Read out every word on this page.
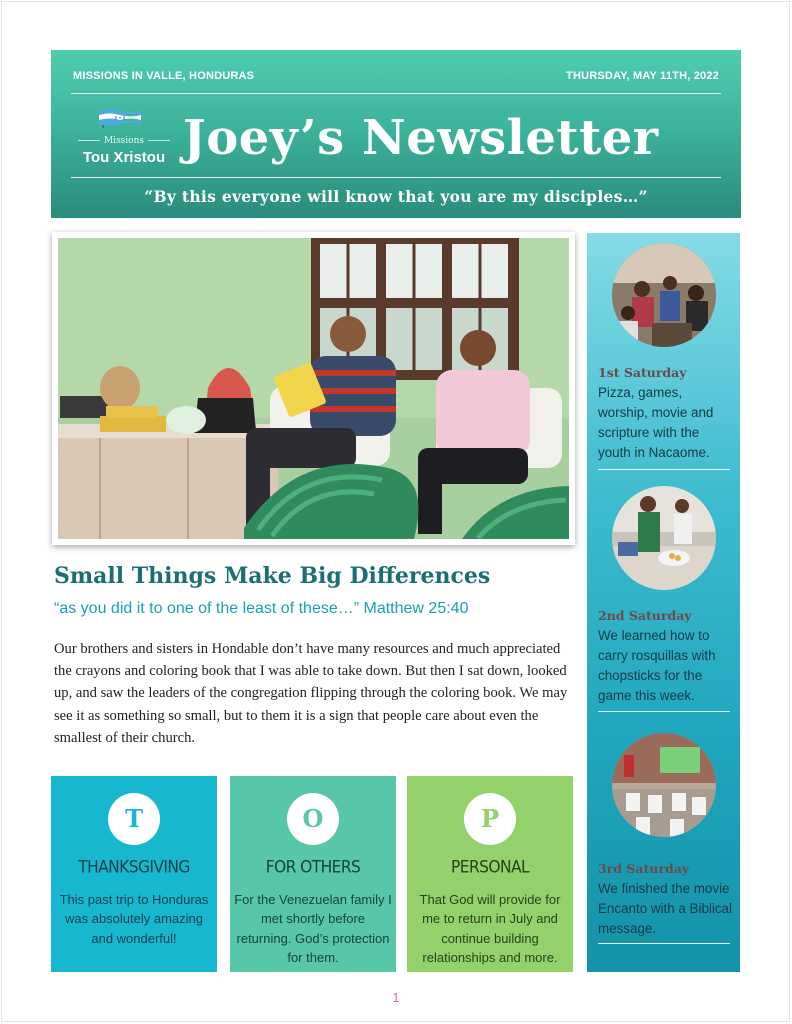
MISSIONS IN VALLE, HONDURAS	THURSDAY, MAY 11TH, 2022
Missions
Tou Xristou Joey’s Newsletter
“By this everyone will know that you are my disciples…”
Small Things Make Big Differences
“as you did it to one of the least of these…” Matthew 25:40
Our brothers and sisters in Hondable don’t have many resources and much appreciated the crayons and coloring book that I was able to take down. But then I sat down, looked up, and saw the leaders of the congregation flipping through the coloring book. We may see it as something so small, but to them it is a sign that people care about even the smallest of their church.
T
THANKSGIVING
This past trip to Honduras was absolutely amazing and wonderful!
O
FOR OTHERS
For the Venezuelan family I met shortly before returning. God’s protection for them.
P
PERSONAL
That God will provide for me to return in July and continue building relationships and more.
1st Saturday
Pizza, games, worship, movie and scripture with the youth in Nacaome.
2nd Saturday
We learned how to carry rosquillas with chopsticks for the game this week.
3rd Saturday
We finished the movie Encanto with a Biblical message.
1
